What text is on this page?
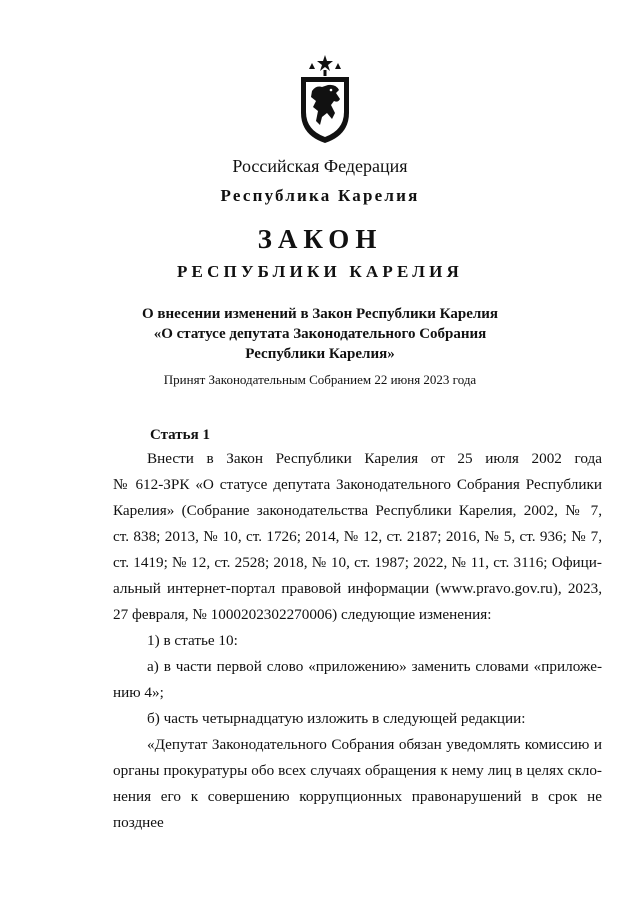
Российская Федерация
Республика Карелия
ЗАКОН
РЕСПУБЛИКИ КАРЕЛИЯ
О внесении изменений в Закон Республики Карелия
«О статусе депутата Законодательного Собрания
Республики Карелия»
Принят Законодательным Собранием 22 июня 2023 года
Статья 1

Внести в Закон Республики Карелия от 25 июля 2002 года
№ 612-ЗРК «О статусе депутата Законодательного Собрания Республики
Карелия» (Собрание законодательства Республики Карелия, 2002, № 7,
ст. 838; 2013, № 10, ст. 1726; 2014, № 12, ст. 2187; 2016, № 5, ст. 936; № 7,
ст. 1419; № 12, ст. 2528; 2018, № 10, ст. 1987; 2022, № 11, ст. 3116; Офици-
альный интернет-портал правовой информации (www.pravo.gov.ru), 2023,
27 февраля, № 1000202302270006) следующие изменения:

1) в статье 10:

а) в части первой слово «приложению» заменить словами «приложе-
нию 4»;

б) часть четырнадцатую изложить в следующей редакции:

«Депутат Законодательного Собрания обязан уведомлять комиссию и
органы прокуратуры обо всех случаях обращения к нему лиц в целях скло-
нения его к совершению коррупционных правонарушений в срок не позднее
